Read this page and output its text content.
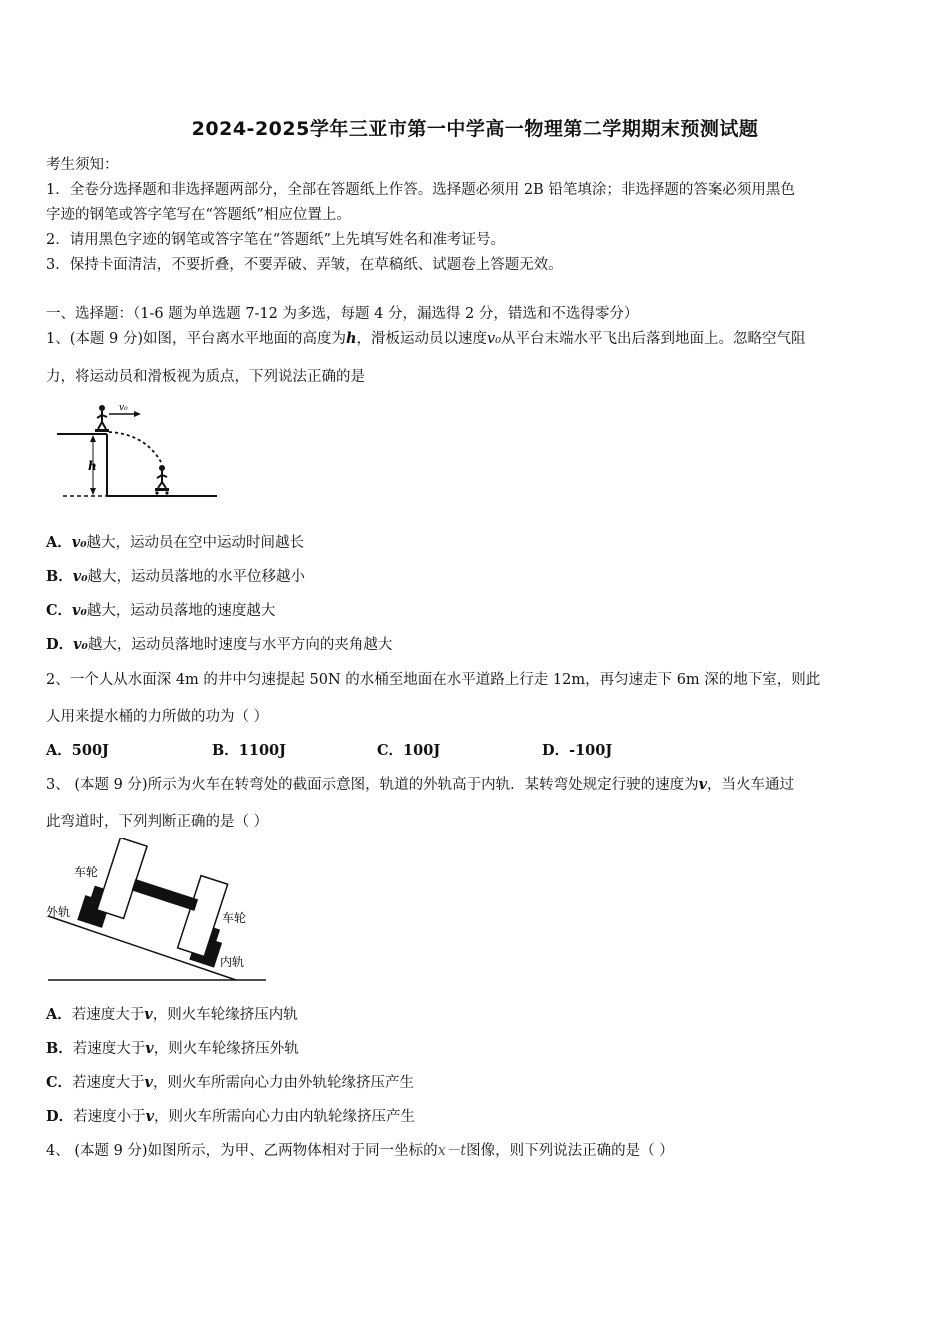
2024-2025学年三亚市第一中学高一物理第二学期期末预测试题
考生须知：
1．全卷分选择题和非选择题两部分，全部在答题纸上作答。选择题必须用 2B 铅笔填涂；非选择题的答案必须用黑色
字迹的钢笔或答字笔写在“答题纸”相应位置上。
2．请用黑色字迹的钢笔或答字笔在“答题纸”上先填写姓名和准考证号。
3．保持卡面清洁，不要折叠，不要弄破、弄皱，在草稿纸、试题卷上答题无效。
一、选择题：（1-6 题为单选题 7-12 为多选，每题 4 分，漏选得 2 分，错选和不选得零分）
1、(本题 9 分)如图，平台离水平地面的高度为h，滑板运动员以速度v₀从平台末端水平飞出后落到地面上。忽略空气阻
力，将运动员和滑板视为质点，下列说法正确的是
h
v₀
A．v₀越大，运动员在空中运动时间越长
B．v₀越大，运动员落地的水平位移越小
C．v₀越大，运动员落地的速度越大
D．v₀越大，运动员落地时速度与水平方向的夹角越大
2、一个人从水面深 4m 的井中匀速提起 50N 的水桶至地面在水平道路上行走 12m，再匀速走下 6m 深的地下室，则此
人用来提水桶的力所做的功为（ ）
A．500J	B．1100J	C．100J	D．-100J
3、 (本题 9 分)所示为火车在转弯处的截面示意图，轨道的外轨高于内轨．某转弯处规定行驶的速度为v，当火车通过
此弯道时，下列判断正确的是（ ）
车轮
外轨	车轮
内轨
A．若速度大于v，则火车轮缘挤压内轨
B．若速度大于v，则火车轮缘挤压外轨
C．若速度大于v，则火车所需向心力由外轨轮缘挤压产生
D．若速度小于v，则火车所需向心力由内轨轮缘挤压产生
4、 (本题 9 分)如图所示，为甲、乙两物体相对于同一坐标的x－t图像，则下列说法正确的是（ ）
